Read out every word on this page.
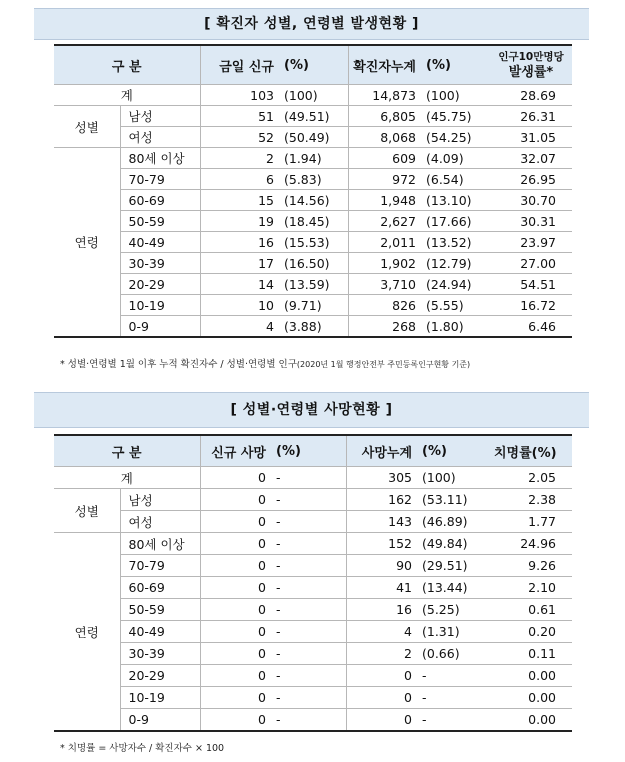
[ 확진자 성별, 연령별 발생현황 ]
구 분		금일 신규	(%)	확진자누계	(%)	인구10만명당
발생률*

계		103	(100)	14,873	(100)	28.69
성별	남성	51	(49.51)	6,805	(45.75)	26.31
	여성	52	(50.49)	8,068	(54.25)	31.05
연령	80세 이상	2	(1.94)	609	(4.09)	32.07
	70-79	6	(5.83)	972	(6.54)	26.95
	60-69	15	(14.56)	1,948	(13.10)	30.70
	50-59	19	(18.45)	2,627	(17.66)	30.31
	40-49	16	(15.53)	2,011	(13.52)	23.97
	30-39	17	(16.50)	1,902	(12.79)	27.00
	20-29	14	(13.59)	3,710	(24.94)	54.51
	10-19	10	(9.71)	826	(5.55)	16.72
	0-9	4	(3.88)	268	(1.80)	6.46
* 성별·연령별 1월 이후 누적 확진자수 / 성별·연령별 인구(2020년 1월 행정안전부 주민등록인구현황 기준)
[ 성별·연령별 사망현황 ]
구 분		신규 사망	(%)	사망누계	(%)	치명률(%)
계		0	-	305	(100)	2.05
성별	남성	0	-	162	(53.11)	2.38
	여성	0	-	143	(46.89)	1.77
연령	80세 이상	0	-	152	(49.84)	24.96
	70-79	0	-	90	(29.51)	9.26
	60-69	0	-	41	(13.44)	2.10
	50-59	0	-	16	(5.25)	0.61
	40-49	0	-	4	(1.31)	0.20
	30-39	0	-	2	(0.66)	0.11
	20-29	0	-	0	-	0.00
	10-19	0	-	0	-	0.00
	0-9	0	-	0	-	0.00
* 치명률 = 사망자수 / 확진자수 × 100
